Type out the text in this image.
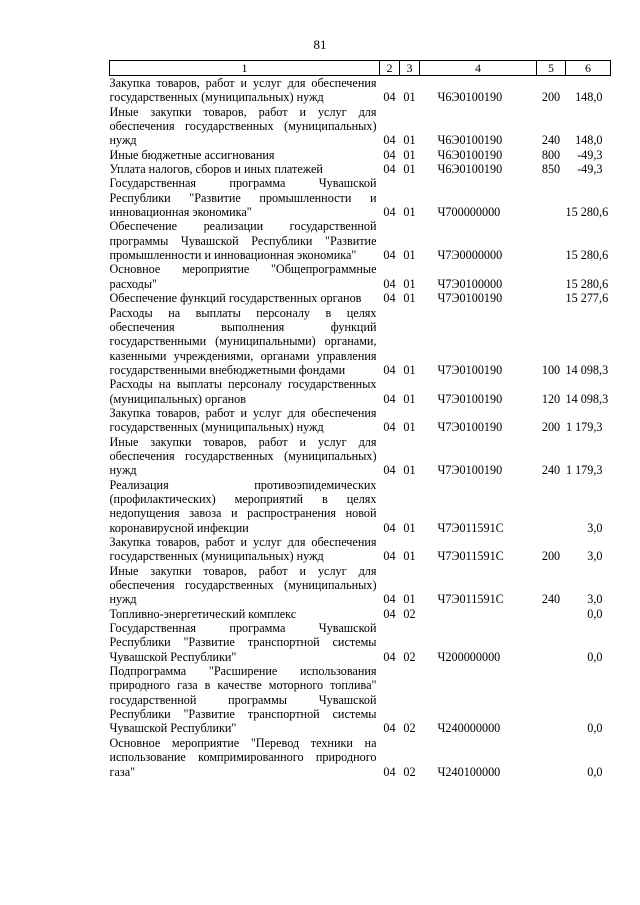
81
1	2	3	4	5	6
Закупка товаров, работ и услуг для обеспечения государственных (муниципальных) нужд	04	01	Ч6Э0100190	200	148,0
Иные закупки товаров, работ и услуг для обеспечения государственных (муниципальных) нужд	04	01	Ч6Э0100190	240	148,0
Иные бюджетные ассигнования	04	01	Ч6Э0100190	800	-49,3
Уплата налогов, сборов и иных платежей	04	01	Ч6Э0100190	850	-49,3
Государственная программа Чувашской Республики "Развитие промышленности и инновационная экономика"	04	01	Ч700000000		15 280,6
Обеспечение реализации государственной программы Чувашской Республики "Развитие промышленности и инновационная экономика"	04	01	Ч7Э0000000		15 280,6
Основное мероприятие "Общепрограммные расходы"	04	01	Ч7Э0100000		15 280,6
Обеспечение функций государственных органов	04	01	Ч7Э0100190		15 277,6
Расходы на выплаты персоналу в целях обеспечения выполнения функций государственными (муниципальными) органами, казенными учреждениями, органами управления государственными внебюджетными фондами	04	01	Ч7Э0100190	100	14 098,3
Расходы на выплаты персоналу государственных (муниципальных) органов	04	01	Ч7Э0100190	120	14 098,3
Закупка товаров, работ и услуг для обеспечения государственных (муниципальных) нужд	04	01	Ч7Э0100190	200	1 179,3
Иные закупки товаров, работ и услуг для обеспечения государственных (муниципальных) нужд	04	01	Ч7Э0100190	240	1 179,3
Реализация противоэпидемических (профилактических) мероприятий в целях недопущения завоза и распространения новой коронавирусной инфекции	04	01	Ч7Э011591С		3,0
Закупка товаров, работ и услуг для обеспечения государственных (муниципальных) нужд	04	01	Ч7Э011591С	200	3,0
Иные закупки товаров, работ и услуг для обеспечения государственных (муниципальных) нужд	04	01	Ч7Э011591С	240	3,0
Топливно-энергетический комплекс	04	02			0,0
Государственная программа Чувашской Республики "Развитие транспортной системы Чувашской Республики"	04	02	Ч200000000		0,0
Подпрограмма "Расширение использования природного газа в качестве моторного топлива" государственной программы Чувашской Республики "Развитие транспортной системы Чувашской Республики"	04	02	Ч240000000		0,0
Основное мероприятие "Перевод техники на использование компримированного природного газа"	04	02	Ч240100000		0,0
